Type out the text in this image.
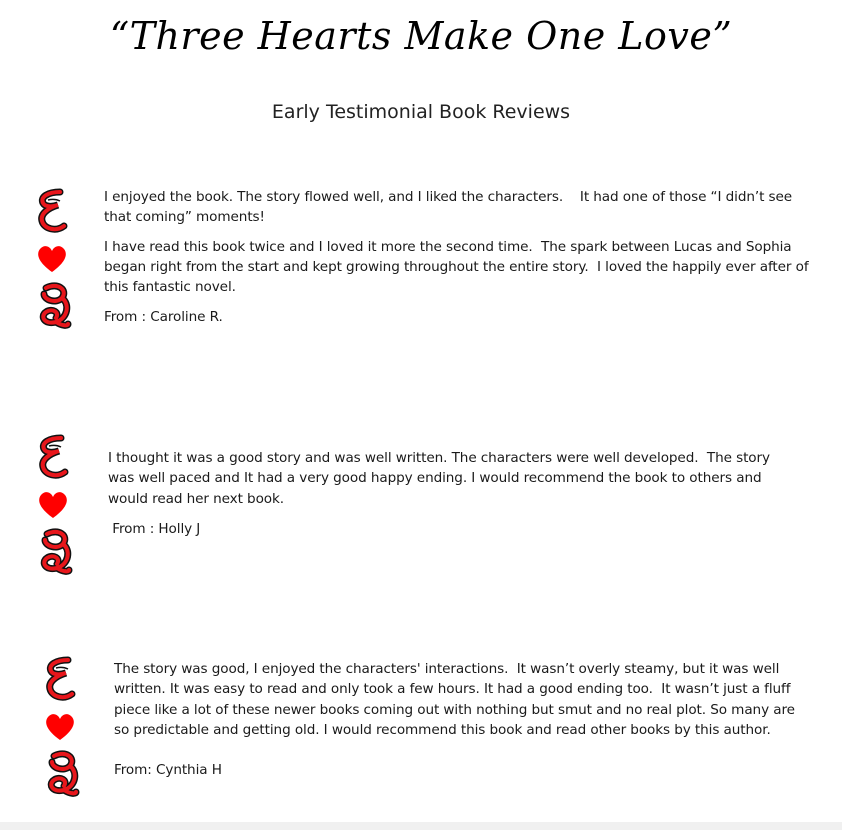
“Three Hearts Make One Love”
Early Testimonial Book Reviews

I enjoyed the book. The story flowed well, and I liked the characters.    It had one of those “I didn’t see that coming” moments!

I have read this book twice and I loved it more the second time.  The spark between Lucas and Sophia began right from the start and kept growing throughout the entire story.  I loved the happily ever after of this fantastic novel.

From : Caroline R.

I thought it was a good story and was well written. The characters were well developed.  The story was well paced and It had a very good happy ending. I would recommend the book to others and would read her next book.

From : Holly J

The story was good, I enjoyed the characters' interactions.  It wasn’t overly steamy, but it was well written. It was easy to read and only took a few hours. It had a good ending too.  It wasn’t just a fluff piece like a lot of these newer books coming out with nothing but smut and no real plot. So many are so predictable and getting old. I would recommend this book and read other books by this author.

From: Cynthia H
